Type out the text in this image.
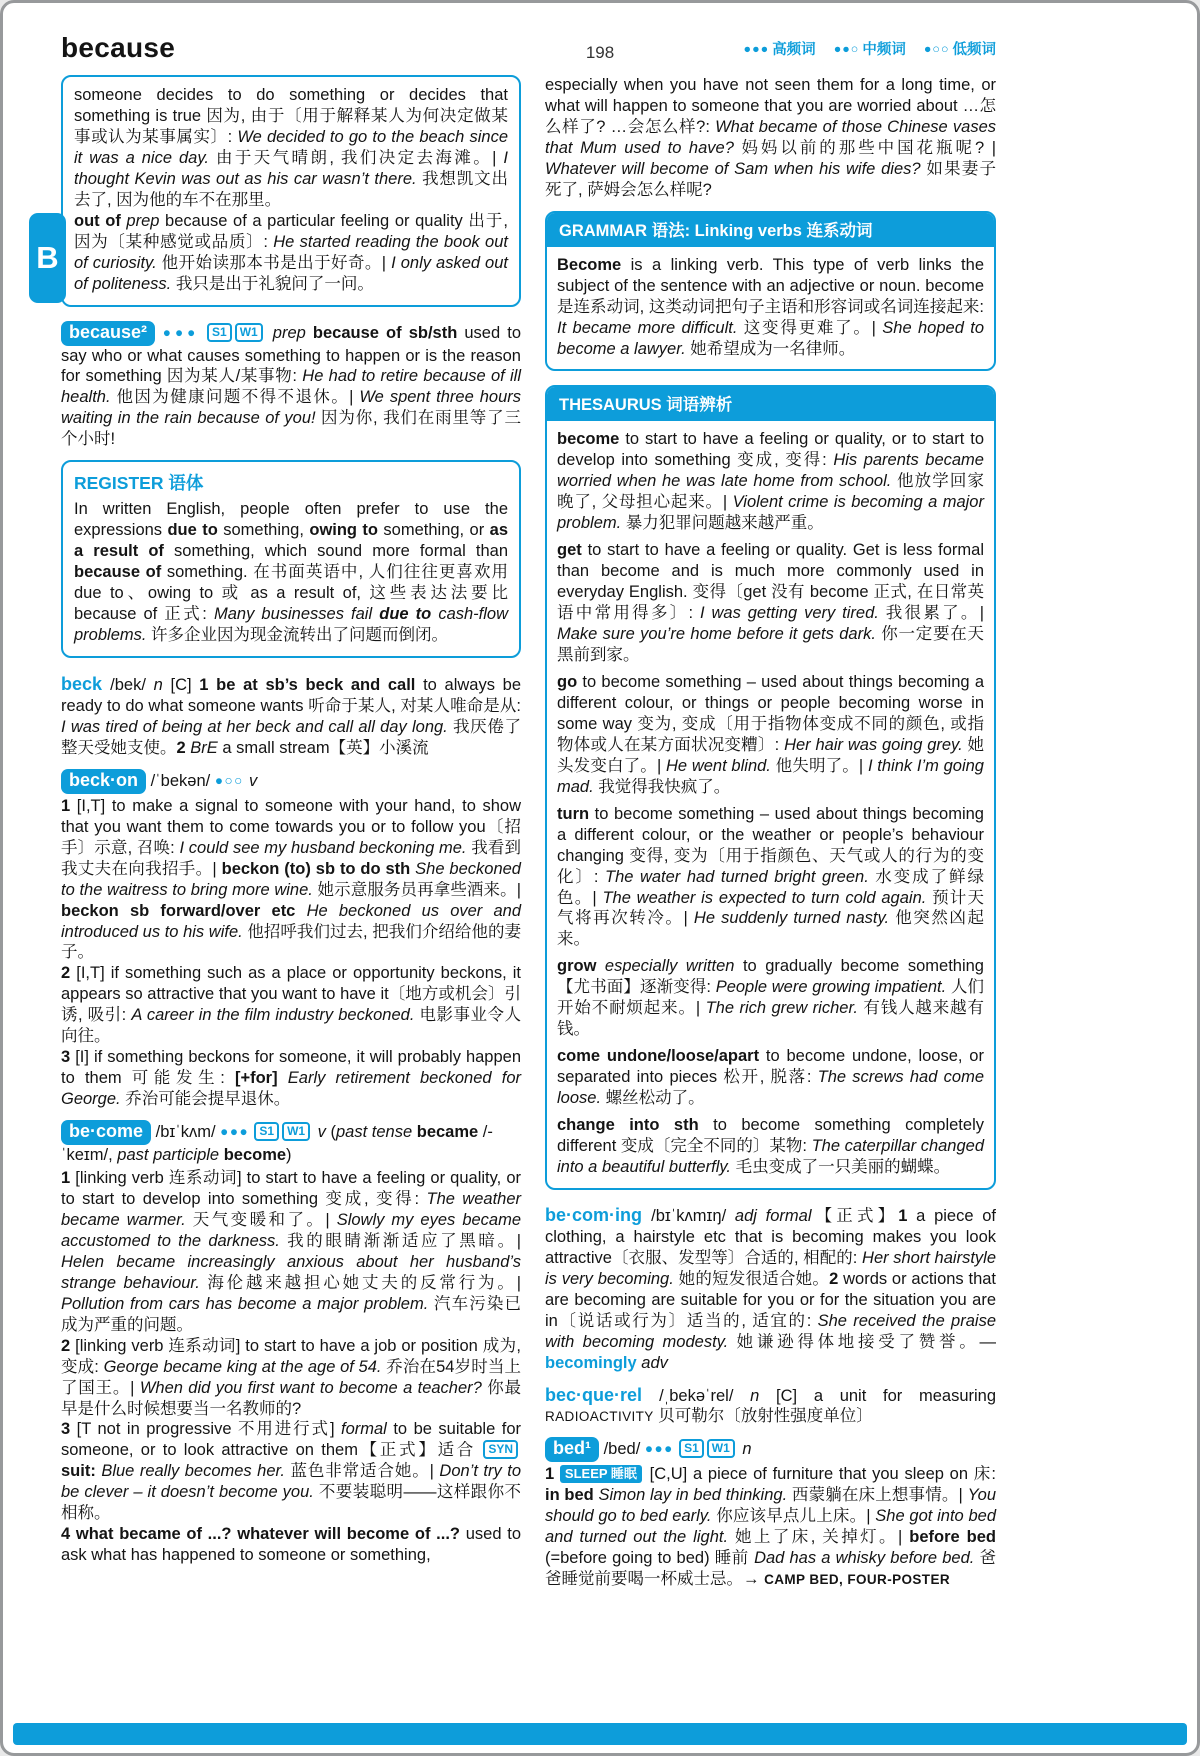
because	●●● 高频词 ●●○ 中频词 ●○○ 低频词
198
B

someone decides to do something or decides that something is true 因为, 由于〔用于解释某人为何决定做某事或认为某事属实〕: We decided to go to the beach since it was a nice day. 由于天气晴朗, 我们决定去海滩。| I thought Kevin was out as his car wasn’t there. 我想凯文出去了, 因为他的车不在那里。

out of prep because of a particular feeling or quality 出于, 因为〔某种感觉或品质〕: He started reading the book out of curiosity. 他开始读那本书是出于好奇。| I only asked out of politeness. 我只是出于礼貌问了一问。

because² ●●● S1 W1 prep because of sb/sth used to say who or what causes something to happen or is the reason for something 因为某人/某事物: He had to retire because of ill health. 他因为健康问题不得不退休。| We spent three hours waiting in the rain because of you! 因为你, 我们在雨里等了三个小时!

REGISTER 语体

In written English, people often prefer to use the expressions due to something, owing to something, or as a result of something, which sound more formal than because of something. 在书面英语中, 人们往往更喜欢用 due to、owing to 或 as a result of, 这些表达法要比 because of 正式: Many businesses fail due to cash-flow problems. 许多企业因为现金流转出了问题而倒闭。

beck /bek/ n [C] 1 be at sb’s beck and call to always be ready to do what someone wants 听命于某人, 对某人唯命是从: I was tired of being at her beck and call all day long. 我厌倦了整天受她支使。2 BrE a small stream【英】小溪流

beck·on /ˈbekən/ ●○○ v

1 [I,T] to make a signal to someone with your hand, to show that you want them to come towards you or to follow you〔招手〕示意, 召唤: I could see my husband beckoning me. 我看到我丈夫在向我招手。| beckon (to) sb to do sth She beckoned to the waitress to bring more wine. 她示意服务员再拿些酒来。| beckon sb forward/over etc He beckoned us over and introduced us to his wife. 他招呼我们过去, 把我们介绍给他的妻子。

2 [I,T] if something such as a place or opportunity beckons, it appears so attractive that you want to have it〔地方或机会〕引诱, 吸引: A career in the film industry beckoned. 电影事业令人向往。

3 [I] if something beckons for someone, it will probably happen to them 可能发生: [+for] Early retirement beckoned for George. 乔治可能会提早退休。

be·come /bɪˈkʌm/ ●●● S1 W1 v (past tense became /-ˈkeɪm/, past participle become)

1 [linking verb 连系动词] to start to have a feeling or quality, or to start to develop into something 变成, 变得: The weather became warmer. 天气变暖和了。| Slowly my eyes became accustomed to the darkness. 我的眼睛渐渐适应了黑暗。| Helen became increasingly anxious about her husband’s strange behaviour. 海伦越来越担心她丈夫的反常行为。| Pollution from cars has become a major problem. 汽车污染已成为严重的问题。

2 [linking verb 连系动词] to start to have a job or position 成为, 变成: George became king at the age of 54. 乔治在54岁时当上了国王。| When did you first want to become a teacher? 你最早是什么时候想要当一名教师的?

3 [T not in progressive 不用进行式] formal to be suitable for someone, or to look attractive on them【正式】适合 SYN suit: Blue really becomes her. 蓝色非常适合她。| Don’t try to be clever – it doesn’t become you. 不要装聪明——这样跟你不相称。

4 what became of ...? whatever will become of ...? used to ask what has happened to someone or something,

especially when you have not seen them for a long time, or what will happen to someone that you are worried about …怎么样了? …会怎么样?: What became of those Chinese vases that Mum used to have? 妈妈以前的那些中国花瓶呢? | Whatever will become of Sam when his wife dies? 如果妻子死了, 萨姆会怎么样呢?

GRAMMAR 语法: Linking verbs 连系动词

Become is a linking verb. This type of verb links the subject of the sentence with an adjective or noun. become是连系动词, 这类动词把句子主语和形容词或名词连接起来: It became more difficult. 这变得更难了。| She hoped to become a lawyer. 她希望成为一名律师。

THESAURUS 词语辨析

become to start to have a feeling or quality, or to start to develop into something 变成, 变得: His parents became worried when he was late home from school. 他放学回家晚了, 父母担心起来。| Violent crime is becoming a major problem. 暴力犯罪问题越来越严重。

get to start to have a feeling or quality. Get is less formal than become and is much more commonly used in everyday English. 变得〔get 没有 become 正式, 在日常英语中常用得多〕: I was getting very tired. 我很累了。| Make sure you’re home before it gets dark. 你一定要在天黑前到家。

go to become something – used about things becoming a different colour, or things or people becoming worse in some way 变为, 变成〔用于指物体变成不同的颜色, 或指物体或人在某方面状况变糟〕: Her hair was going grey. 她头发变白了。| He went blind. 他失明了。| I think I’m going mad. 我觉得我快疯了。

turn to become something – used about things becoming a different colour, or the weather or people’s behaviour changing 变得, 变为〔用于指颜色、天气或人的行为的变化〕: The water had turned bright green. 水变成了鲜绿色。| The weather is expected to turn cold again. 预计天气将再次转冷。| He suddenly turned nasty. 他突然凶起来。

grow especially written to gradually become something【尤书面】逐渐变得: People were growing impatient. 人们开始不耐烦起来。| The rich grew richer. 有钱人越来越有钱。

come undone/loose/apart to become undone, loose, or separated into pieces 松开, 脱落: The screws had come loose. 螺丝松动了。

change into sth to become something completely different 变成〔完全不同的〕某物: The caterpillar changed into a beautiful butterfly. 毛虫变成了一只美丽的蝴蝶。

be·com·ing /bɪˈkʌmɪŋ/ adj formal【正式】1 a piece of clothing, a hairstyle etc that is becoming makes you look attractive〔衣服、发型等〕合适的, 相配的: Her short hairstyle is very becoming. 她的短发很适合她。2 words or actions that are becoming are suitable for you or for the situation you are in〔说话或行为〕适当的, 适宜的: She received the praise with becoming modesty. 她谦逊得体地接受了赞誉。—becomingly adv

bec·que·rel /ˌbekəˈrel/ n [C] a unit for measuring RADIOACTIVITY 贝可勒尔〔放射性强度单位〕

bed¹ /bed/ ●●● S1 W1 n

1 SLEEP 睡眠 [C,U] a piece of furniture that you sleep on 床: in bed Simon lay in bed thinking. 西蒙躺在床上想事情。| You should go to bed early. 你应该早点儿上床。| She got into bed and turned out the light. 她上了床, 关掉灯。| before bed (=before going to bed) 睡前 Dad has a whisky before bed. 爸爸睡觉前要喝一杯威士忌。→ CAMP BED, FOUR-POSTER
